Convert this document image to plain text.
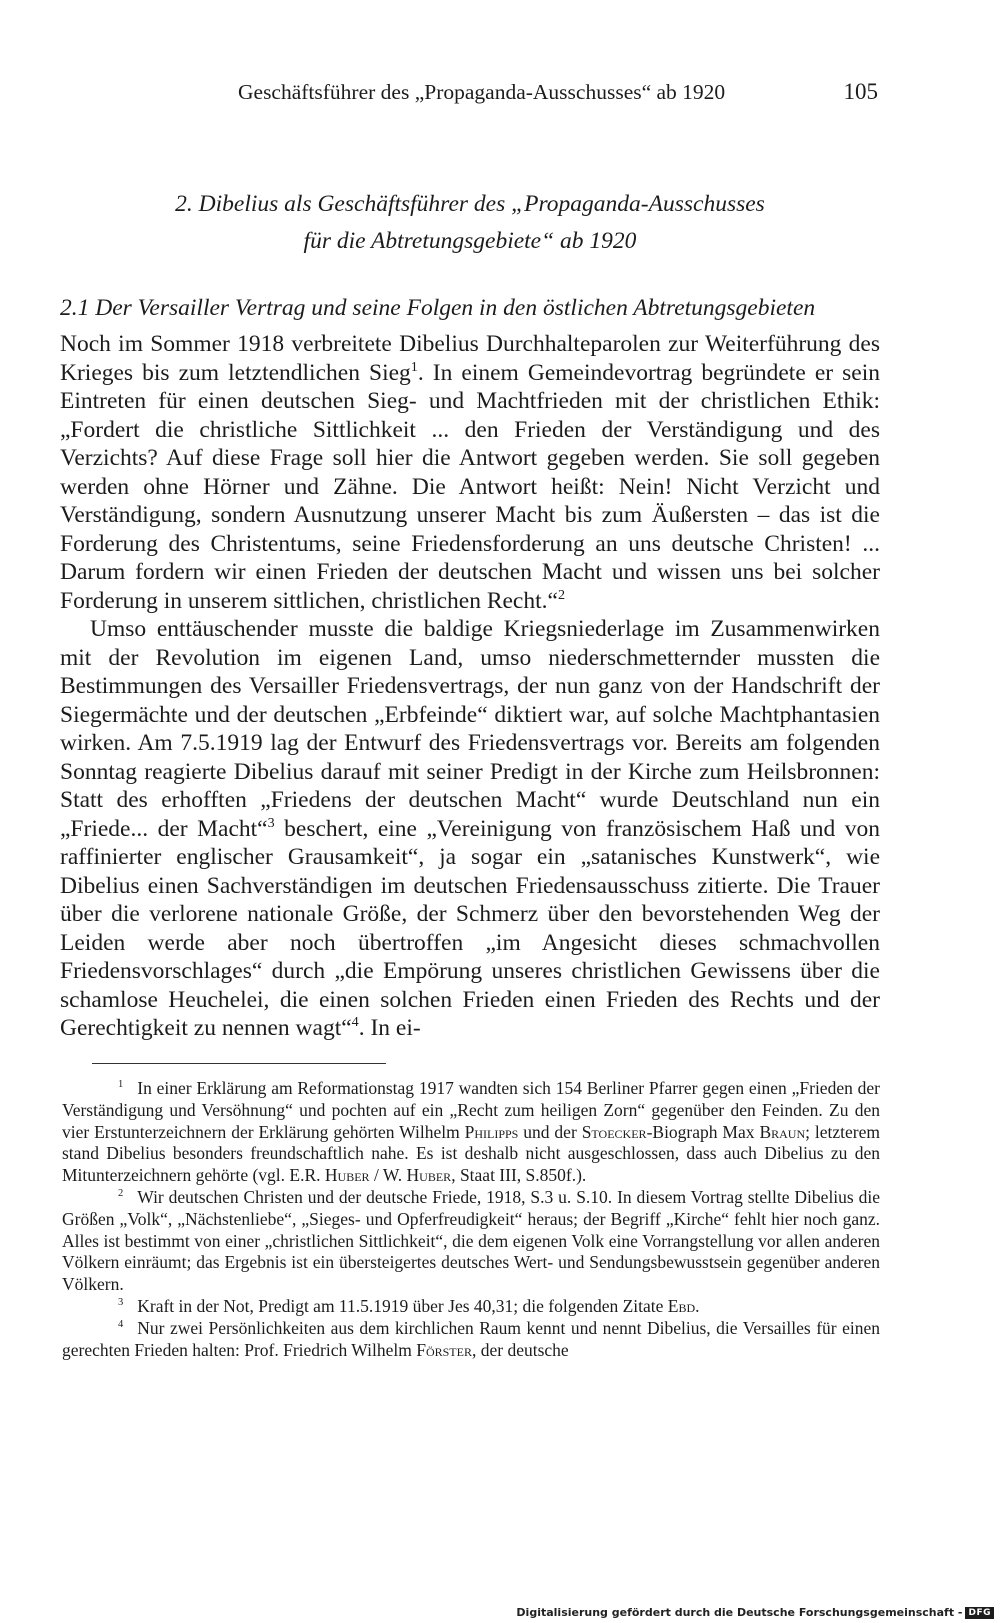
Geschäftsführer des „Propaganda-Ausschusses“ ab 1920	105
2. Dibelius als Geschäftsführer des „Propaganda-Ausschusses
für die Abtretungsgebiete“ ab 1920
2.1 Der Versailler Vertrag und seine Folgen in den östlichen Abtretungsgebieten

Noch im Sommer 1918 verbreitete Dibelius Durchhalteparolen zur Weiterführung des Krieges bis zum letztendlichen Sieg$^1$. In einem Gemeindevortrag begründete er sein Eintreten für einen deutschen Sieg- und Machtfrieden mit der christlichen Ethik: „Fordert die christliche Sittlichkeit ... den Frieden der Verständigung und des Verzichts? Auf diese Frage soll hier die Antwort gegeben werden. Sie soll gegeben werden ohne Hörner und Zähne. Die Antwort heißt: Nein! Nicht Verzicht und Verständigung, sondern Ausnutzung unserer Macht bis zum Äußersten – das ist die Forderung des Christentums, seine Friedensforderung an uns deutsche Christen! ... Darum fordern wir einen Frieden der deutschen Macht und wissen uns bei solcher Forderung in unserem sittlichen, christlichen Recht.“$^2$

Umso enttäuschender musste die baldige Kriegsniederlage im Zusammenwirken mit der Revolution im eigenen Land, umso niederschmetternder mussten die Bestimmungen des Versailler Friedensvertrags, der nun ganz von der Handschrift der Siegermächte und der deutschen „Erbfeinde“ diktiert war, auf solche Machtphantasien wirken. Am 7.5.1919 lag der Entwurf des Friedensvertrags vor. Bereits am folgenden Sonntag reagierte Dibelius darauf mit seiner Predigt in der Kirche zum Heilsbronnen: Statt des erhofften „Friedens der deutschen Macht“ wurde Deutschland nun ein „Friede... der Macht“$^3$ beschert, eine „Vereinigung von französischem Haß und von raffinierter englischer Grausamkeit“, ja sogar ein „satanisches Kunstwerk“, wie Dibelius einen Sachverständigen im deutschen Friedensausschuss zitierte. Die Trauer über die verlorene nationale Größe, der Schmerz über den bevorstehenden Weg der Leiden werde aber noch übertroffen „im Angesicht dieses schmachvollen Friedensvorschlages“ durch „die Empörung unseres christlichen Gewissens über die schamlose Heuchelei, die einen solchen Frieden einen Frieden des Rechts und der Gerechtigkeit zu nennen wagt“$^4$. In ei-

$^1$ In einer Erklärung am Reformationstag 1917 wandten sich 154 Berliner Pfarrer gegen einen „Frieden der Verständigung und Versöhnung“ und pochten auf ein „Recht zum heiligen Zorn“ gegenüber den Feinden. Zu den vier Erstunterzeichnern der Erklärung gehörten Wilhelm Philipps und der Stoecker-Biograph Max Braun; letzterem stand Dibelius besonders freundschaftlich nahe. Es ist deshalb nicht ausgeschlossen, dass auch Dibelius zu den Mitunterzeichnern gehörte (vgl. E.R. Huber / W. Huber, Staat III, S.850f.).

$^2$ Wir deutschen Christen und der deutsche Friede, 1918, S.3 u. S.10. In diesem Vortrag stellte Dibelius die Größen „Volk“, „Nächstenliebe“, „Sieges- und Opferfreudigkeit“ heraus; der Begriff „Kirche“ fehlt hier noch ganz. Alles ist bestimmt von einer „christlichen Sittlichkeit“, die dem eigenen Volk eine Vorrangstellung vor allen anderen Völkern einräumt; das Ergebnis ist ein übersteigertes deutsches Wert- und Sendungsbewusstsein gegenüber anderen Völkern.

$^3$ Kraft in der Not, Predigt am 11.5.1919 über Jes 40,31; die folgenden Zitate Ebd.

$^4$ Nur zwei Persönlichkeiten aus dem kirchlichen Raum kennt und nennt Dibelius, die Versailles für einen gerechten Frieden halten: Prof. Friedrich Wilhelm Förster, der deutsche

Digitalisierung gefördert durch die Deutsche Forschungsgemeinschaft - DFG
